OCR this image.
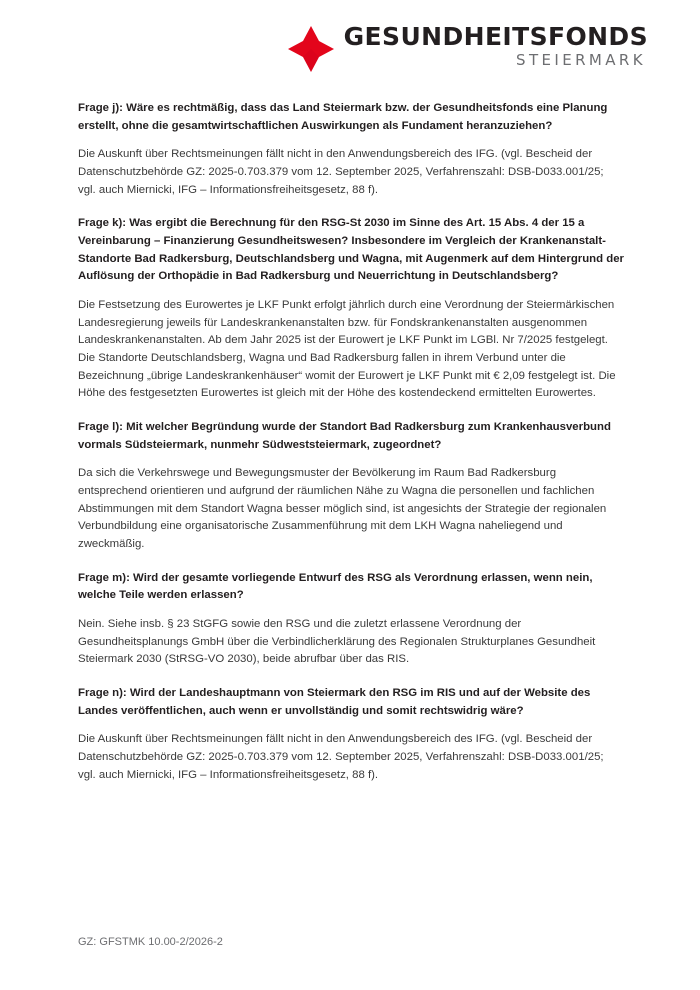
GESUNDHEITSFONDS
STEIERMARK

Frage j): Wäre es rechtmäßig, dass das Land Steiermark bzw. der Gesundheitsfonds eine Planung erstellt, ohne die gesamtwirtschaftlichen Auswirkungen als Fundament heranzuziehen?

Die Auskunft über Rechtsmeinungen fällt nicht in den Anwendungsbereich des IFG. (vgl. Bescheid der Datenschutzbehörde GZ: 2025-0.703.379 vom 12. September 2025, Verfahrenszahl: DSB-D033.001/25; vgl. auch Miernicki, IFG – Informationsfreiheitsgesetz, 88 f).

Frage k): Was ergibt die Berechnung für den RSG-St 2030 im Sinne des Art. 15 Abs. 4 der 15 a Vereinbarung – Finanzierung Gesundheitswesen? Insbesondere im Vergleich der Krankenanstalt-Standorte Bad Radkersburg, Deutschlandsberg und Wagna, mit Augenmerk auf dem Hintergrund der Auflösung der Orthopädie in Bad Radkersburg und Neuerrichtung in Deutschlandsberg?

Die Festsetzung des Eurowertes je LKF Punkt erfolgt jährlich durch eine Verordnung der Steiermärkischen Landesregierung jeweils für Landeskrankenanstalten bzw. für Fondskrankenanstalten ausgenommen Landeskrankenanstalten. Ab dem Jahr 2025 ist der Eurowert je LKF Punkt im LGBl. Nr 7/2025 festgelegt. Die Standorte Deutschlandsberg, Wagna und Bad Radkersburg fallen in ihrem Verbund unter die Bezeichnung „übrige Landeskrankenhäuser“ womit der Eurowert je LKF Punkt mit € 2,09 festgelegt ist. Die Höhe des festgesetzten Eurowertes ist gleich mit der Höhe des kostendeckend ermittelten Eurowertes.

Frage l): Mit welcher Begründung wurde der Standort Bad Radkersburg zum Krankenhausverbund vormals Südsteiermark, nunmehr Südweststeiermark, zugeordnet?

Da sich die Verkehrswege und Bewegungsmuster der Bevölkerung im Raum Bad Radkersburg entsprechend orientieren und aufgrund der räumlichen Nähe zu Wagna die personellen und fachlichen Abstimmungen mit dem Standort Wagna besser möglich sind, ist angesichts der Strategie der regionalen Verbundbildung eine organisatorische Zusammenführung mit dem LKH Wagna naheliegend und zweckmäßig.

Frage m): Wird der gesamte vorliegende Entwurf des RSG als Verordnung erlassen, wenn nein, welche Teile werden erlassen?

Nein. Siehe insb. § 23 StGFG sowie den RSG und die zuletzt erlassene Verordnung der Gesundheitsplanungs GmbH über die Verbindlicherklärung des Regionalen Strukturplanes Gesundheit Steiermark 2030 (StRSG-VO 2030), beide abrufbar über das RIS.

Frage n): Wird der Landeshauptmann von Steiermark den RSG im RIS und auf der Website des Landes veröffentlichen, auch wenn er unvollständig und somit rechtswidrig wäre?

Die Auskunft über Rechtsmeinungen fällt nicht in den Anwendungsbereich des IFG. (vgl. Bescheid der Datenschutzbehörde GZ: 2025-0.703.379 vom 12. September 2025, Verfahrenszahl: DSB-D033.001/25; vgl. auch Miernicki, IFG – Informationsfreiheitsgesetz, 88 f).

GZ: GFSTMK 10.00-2/2026-2
